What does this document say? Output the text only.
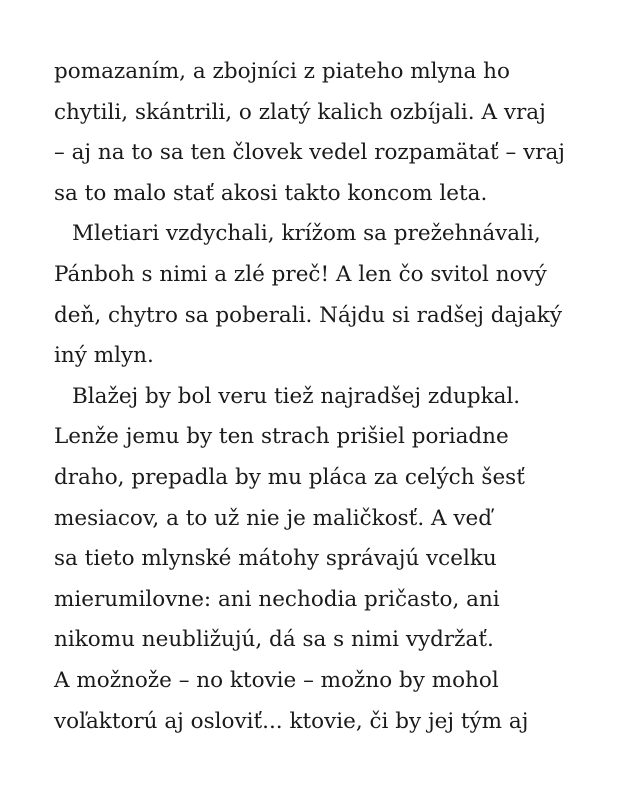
pomazaním, a zbojníci z piateho mlyna ho
chytili, skántrili, o zlatý kalich ozbíjali. A vraj
– aj na to sa ten človek vedel rozpamätať – vraj
sa to malo stať akosi takto koncom leta.
Mletiari vzdychali, krížom sa prežehnávali,
Pánboh s nimi a zlé preč! A len čo svitol nový
deň, chytro sa poberali. Nájdu si radšej dajaký
iný mlyn.
Blažej by bol veru tiež najradšej zdupkal.
Lenže jemu by ten strach prišiel poriadne
draho, prepadla by mu pláca za celých šesť
mesiacov, a to už nie je maličkosť. A veď
sa tieto mlynské mátohy správajú vcelku
mierumilovne: ani nechodia pričasto, ani
nikomu neubližujú, dá sa s nimi vydržať.
A možnože – no ktovie – možno by mohol
voľaktorú aj osloviť... ktovie, či by jej tým aj
